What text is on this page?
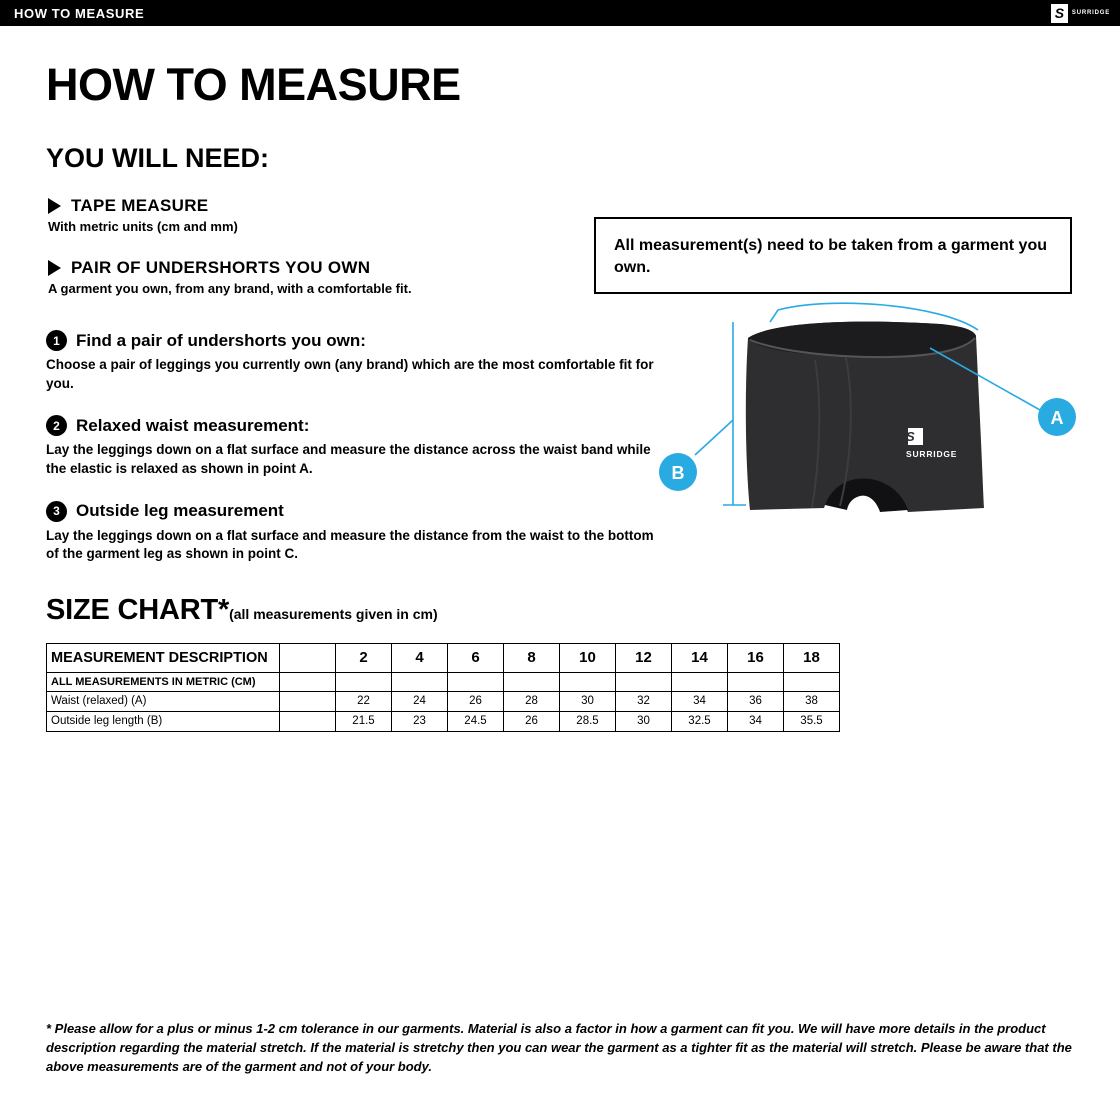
HOW TO MEASURE	S	SURRIDGE
HOW TO MEASURE
YOU WILL NEED:
TAPE MEASURE
With metric units (cm and mm)
PAIR OF UNDERSHORTS YOU OWN
A garment you own, from any brand, with a comfortable fit.
All measurement(s) need to be taken from a garment you own.
1 Find a pair of undershorts you own:
Choose a pair of leggings you currently own (any brand) which are the most comfortable fit for you.
2 Relaxed waist measurement:
Lay the leggings down on a flat surface and measure the distance across the waist band while the elastic is relaxed as shown in point A.
3 Outside leg measurement
Lay the leggings down on a flat surface and measure the distance from the waist to the bottom of the garment leg as shown in point C.
SIZE CHART* (all measurements given in cm)
MEASUREMENT DESCRIPTION		2	4	6	8	10	12	14	16	18
ALL MEASUREMENTS IN METRIC (CM)										
Waist (relaxed) (A)		22	24	26	28	30	32	34	36	38
Outside leg length (B)		21.5	23	24.5	26	28.5	30	32.5	34	35.5
S
SURRIDGE
A
B
* Please allow for a plus or minus 1-2 cm tolerance in our garments. Material is also a factor in how a garment can fit you. We will have more details in the product description regarding the material stretch. If the material is stretchy then you can wear the garment as a tighter fit as the material will stretch. Please be aware that the above measurements are of the garment and not of your body.
